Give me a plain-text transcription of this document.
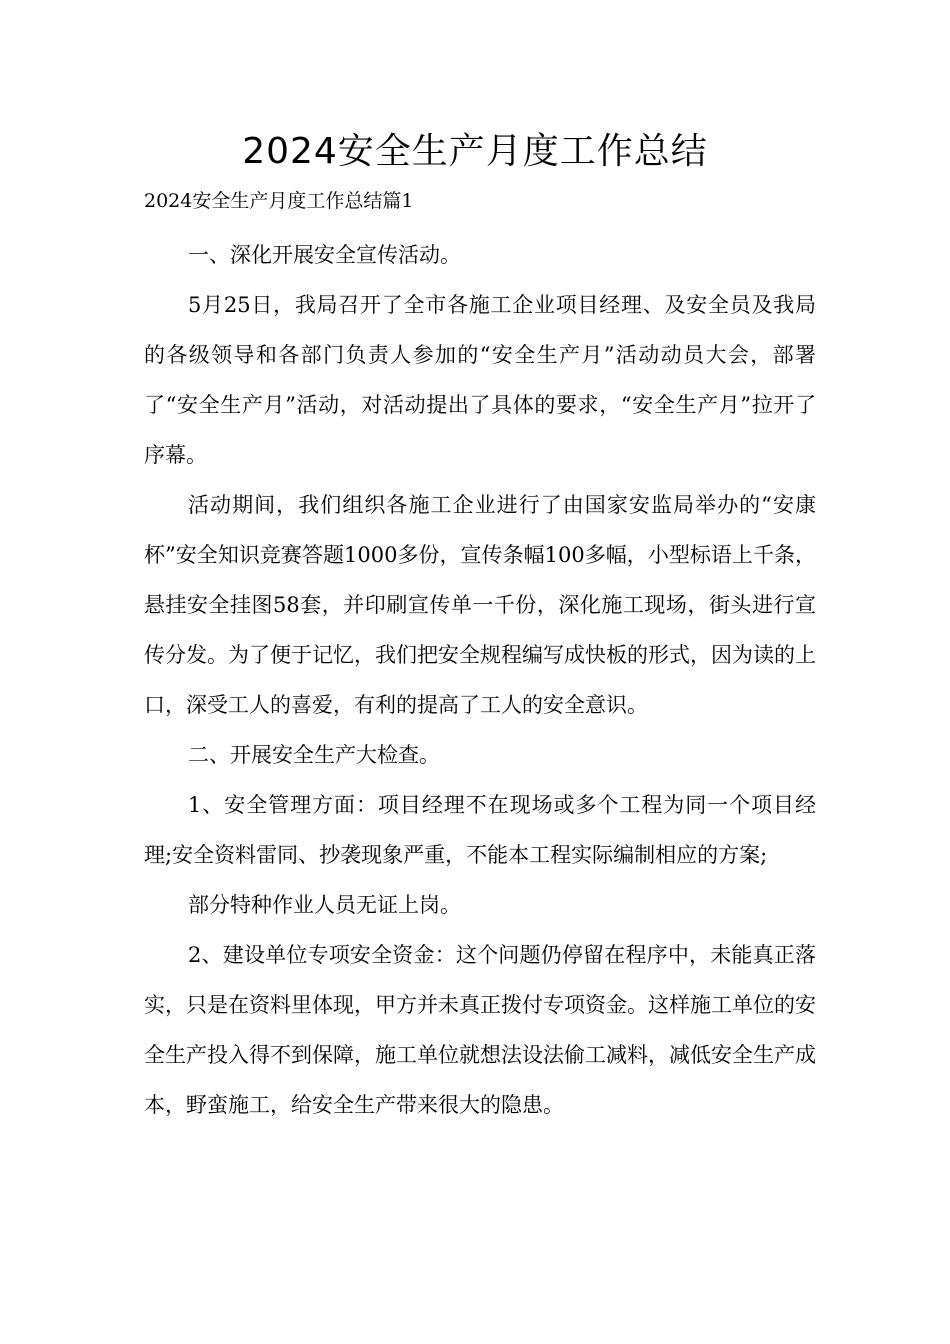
2024安全生产月度工作总结

2024安全生产月度工作总结篇1

一、深化开展安全宣传活动。

5月25日，我局召开了全市各施工企业项目经理、及安全员及我局的各级领导和各部门负责人参加的“安全生产月”活动动员大会，部署了“安全生产月”活动，对活动提出了具体的要求，“安全生产月”拉开了序幕。

活动期间，我们组织各施工企业进行了由国家安监局举办的“安康杯”安全知识竞赛答题1000多份，宣传条幅100多幅，小型标语上千条，悬挂安全挂图58套，并印刷宣传单一千份，深化施工现场，街头进行宣传分发。为了便于记忆，我们把安全规程编写成快板的形式，因为读的上口，深受工人的喜爱，有利的提高了工人的安全意识。

二、开展安全生产大检查。

1、安全管理方面：项目经理不在现场或多个工程为同一个项目经理;安全资料雷同、抄袭现象严重，不能本工程实际编制相应的方案;

部分特种作业人员无证上岗。

2、建设单位专项安全资金：这个问题仍停留在程序中，未能真正落实，只是在资料里体现，甲方并未真正拨付专项资金。这样施工单位的安全生产投入得不到保障，施工单位就想法设法偷工减料，减低安全生产成本，野蛮施工，给安全生产带来很大的隐患。
